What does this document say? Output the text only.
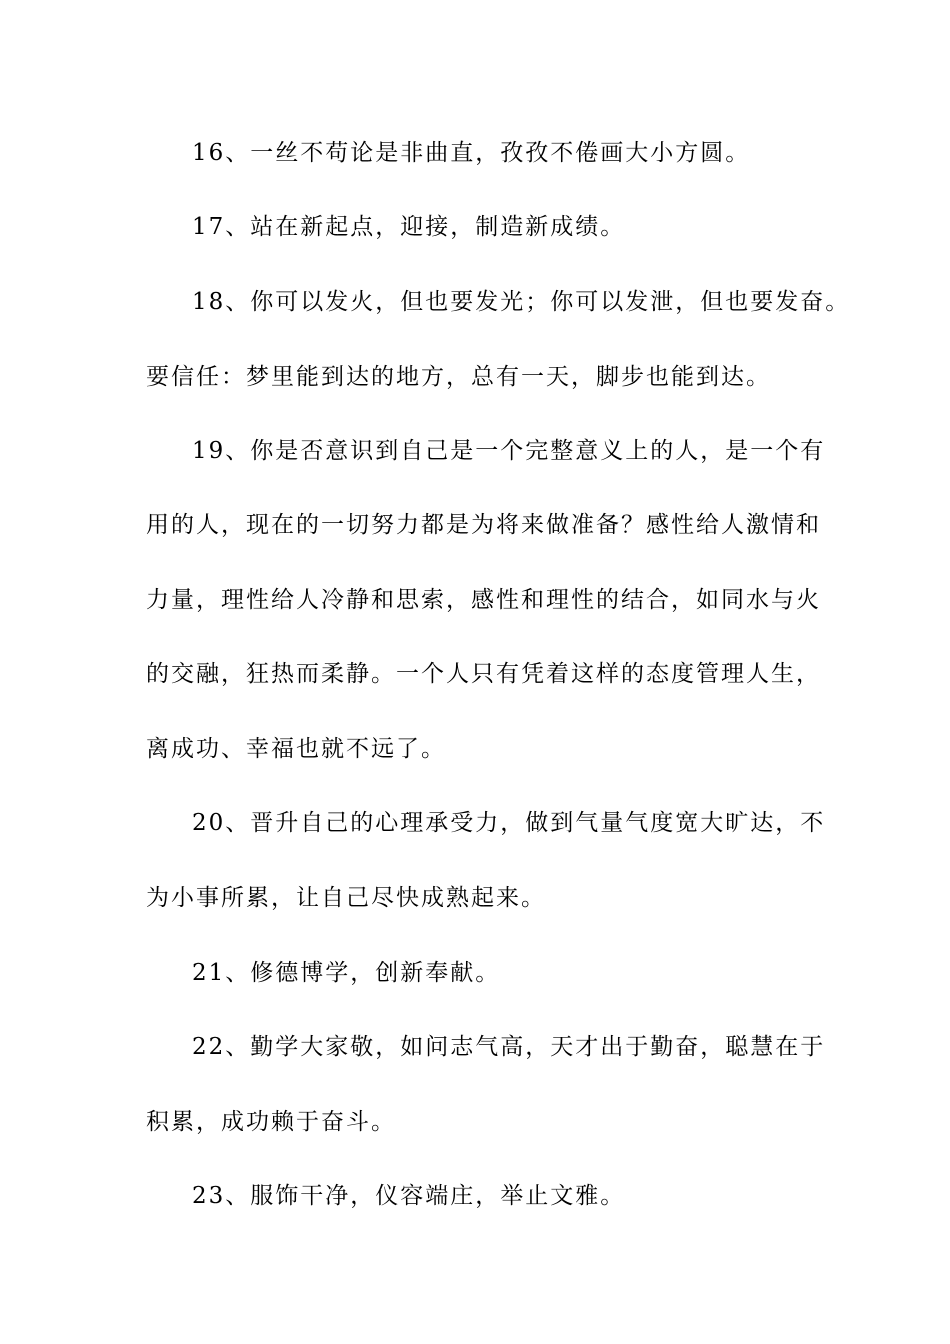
16、一丝不苟论是非曲直，孜孜不倦画大小方圆。
17、站在新起点，迎接，制造新成绩。
18、你可以发火，但也要发光；你可以发泄，但也要发奋。
要信任：梦里能到达的地方，总有一天，脚步也能到达。
19、你是否意识到自己是一个完整意义上的人，是一个有
用的人，现在的一切努力都是为将来做准备？感性给人激情和
力量，理性给人冷静和思索，感性和理性的结合，如同水与火
的交融，狂热而柔静。一个人只有凭着这样的态度管理人生，
离成功、幸福也就不远了。
20、晋升自己的心理承受力，做到气量气度宽大旷达，不
为小事所累，让自己尽快成熟起来。
21、修德博学，创新奉献。
22、勤学大家敬，如问志气高，天才出于勤奋，聪慧在于
积累，成功赖于奋斗。
23、服饰干净，仪容端庄，举止文雅。
